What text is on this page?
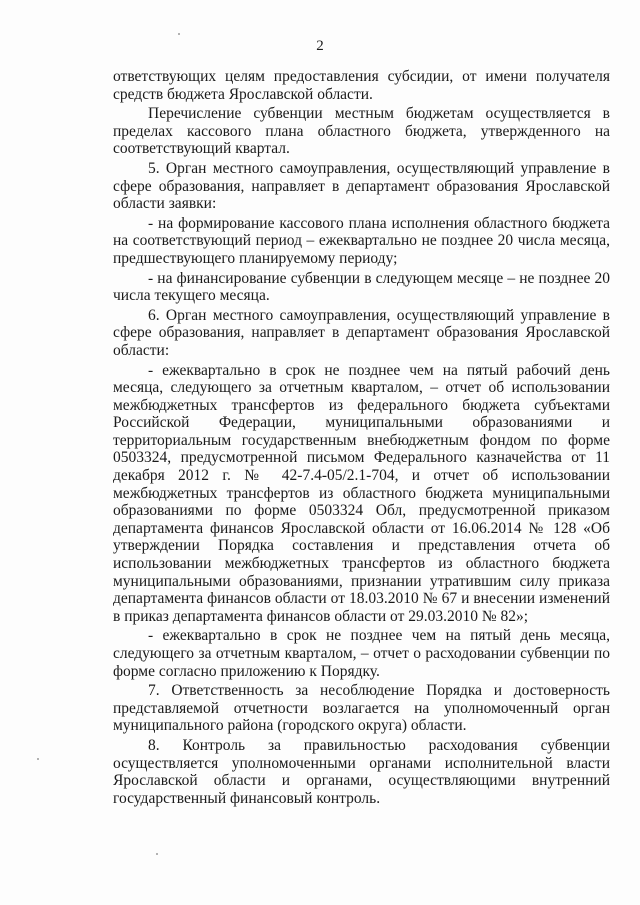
2

ответствующих целям предоставления субсидии, от имени получателя средств бюджета Ярославской области.

Перечисление субвенции местным бюджетам осуществляется в пределах кассового плана областного бюджета, утвержденного на соответствующий квартал.

5. Орган местного самоуправления, осуществляющий управление в сфере образования, направляет в департамент образования Ярославской области заявки:

- на формирование кассового плана исполнения областного бюджета на соответствующий период – ежеквартально не позднее 20 числа месяца, предшествующего планируемому периоду;

- на финансирование субвенции в следующем месяце – не позднее 20 числа текущего месяца.

6. Орган местного самоуправления, осуществляющий управление в сфере образования, направляет в департамент образования Ярославской области:

- ежеквартально в срок не позднее чем на пятый рабочий день месяца, следующего за отчетным кварталом, – отчет об использовании межбюджетных трансфертов из федерального бюджета субъектами Российской Федерации, муниципальными образованиями и территориальным государственным внебюджетным фондом по форме 0503324, предусмотренной письмом Федерального казначейства от 11 декабря 2012 г. № 42-7.4-05/2.1-704, и отчет об использовании межбюджетных трансфертов из областного бюджета муниципальными образованиями по форме 0503324 Обл, предусмотренной приказом департамента финансов Ярославской области от 16.06.2014 № 128 «Об утверждении Порядка составления и представления отчета об использовании межбюджетных трансфертов из областного бюджета муниципальными образованиями, признании утратившим силу приказа департамента финансов области от 18.03.2010 № 67 и внесении изменений в приказ департамента финансов области от 29.03.2010 № 82»;

- ежеквартально в срок не позднее чем на пятый день месяца, следующего за отчетным кварталом, – отчет о расходовании субвенции по форме согласно приложению к Порядку.

7. Ответственность за несоблюдение Порядка и достоверность представляемой отчетности возлагается на уполномоченный орган муниципального района (городского округа) области.

8. Контроль за правильностью расходования субвенции осуществляется уполномоченными органами исполнительной власти Ярославской области и органами, осуществляющими внутренний государственный финансовый контроль.
